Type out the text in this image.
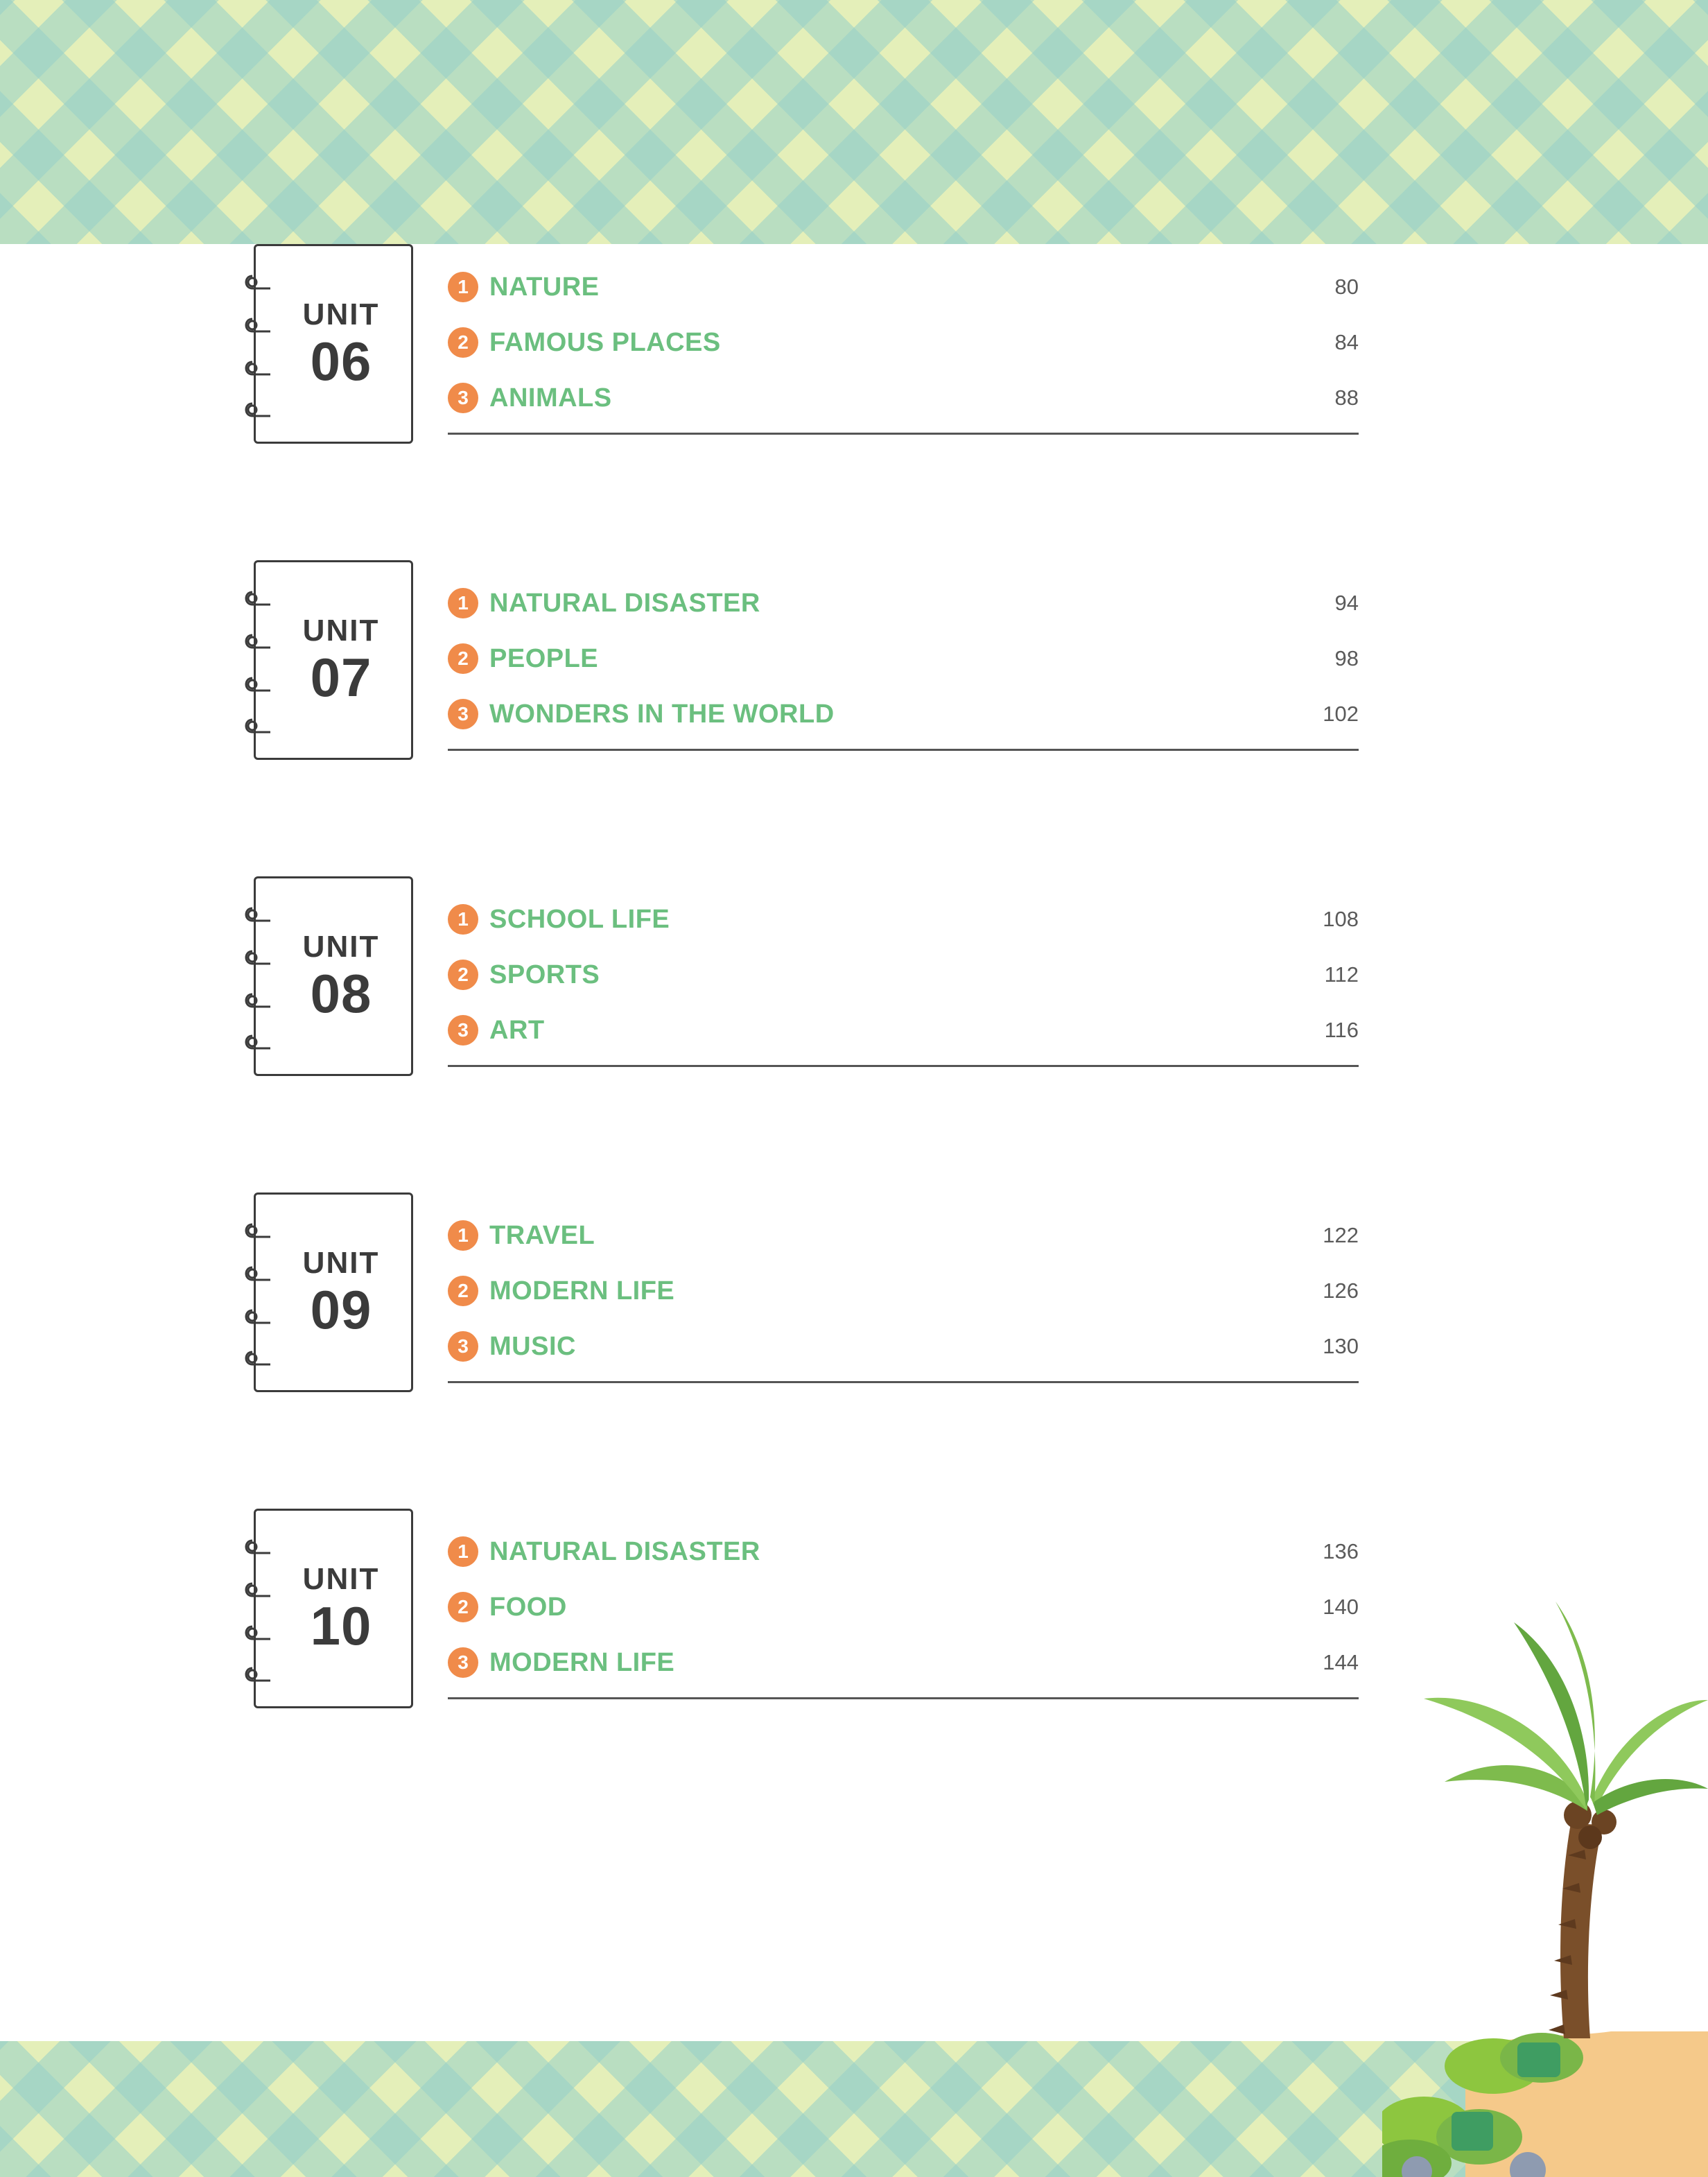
UNIT
06
1 NATURE	80
2 FAMOUS PLACES	84
3 ANIMALS	88
UNIT
07
1 NATURAL DISASTER	94
2 PEOPLE	98
3 WONDERS IN THE WORLD	102
UNIT
08
1 SCHOOL LIFE	108
2 SPORTS	112
3 ART	116
UNIT
09
1 TRAVEL	122
2 MODERN LIFE	126
3 MUSIC	130
UNIT
10
1 NATURAL DISASTER	136
2 FOOD	140
3 MODERN LIFE	144
